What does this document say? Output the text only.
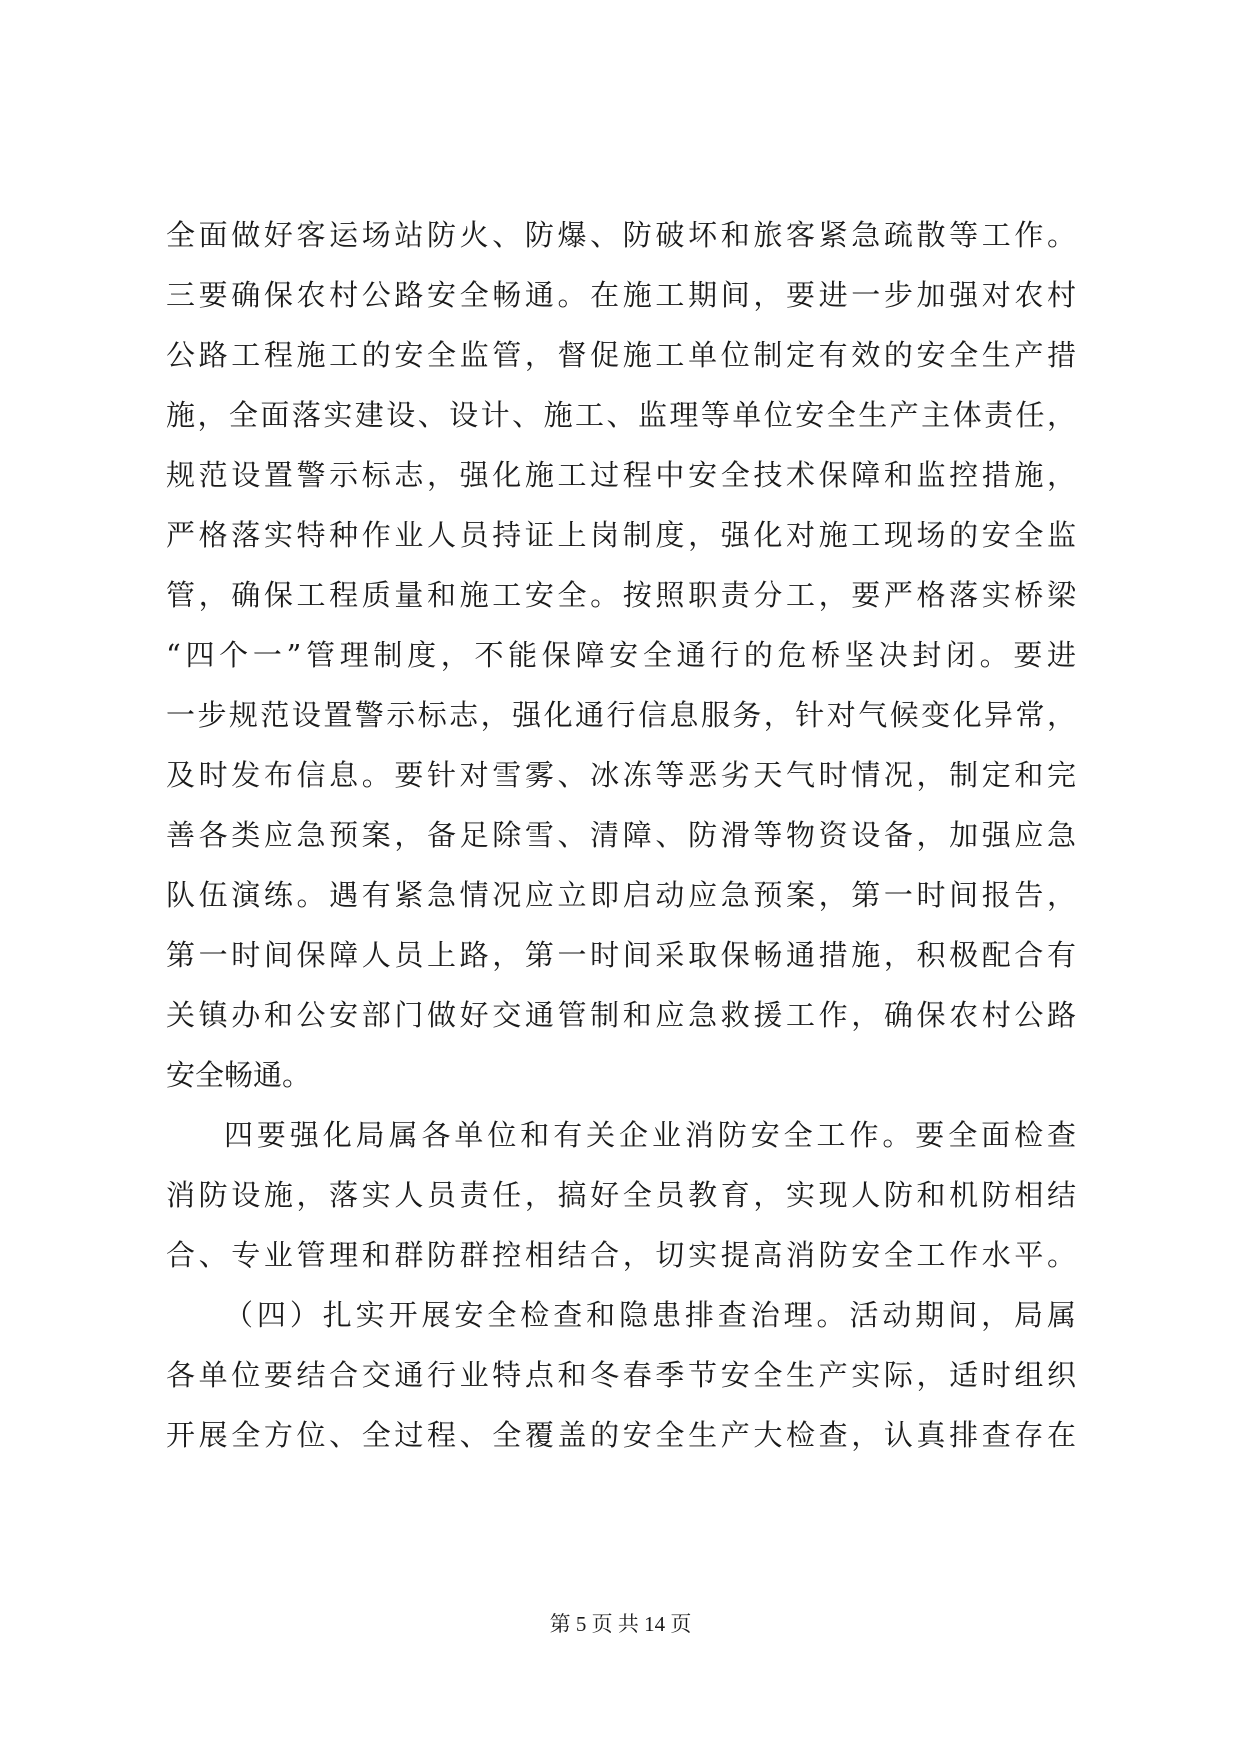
全面做好客运场站防火、防爆、防破坏和旅客紧急疏散等工作。
三要确保农村公路安全畅通。在施工期间，要进一步加强对农村
公路工程施工的安全监管，督促施工单位制定有效的安全生产措
施，全面落实建设、设计、施工、监理等单位安全生产主体责任，
规范设置警示标志，强化施工过程中安全技术保障和监控措施，
严格落实特种作业人员持证上岗制度，强化对施工现场的安全监
管，确保工程质量和施工安全。按照职责分工，要严格落实桥梁
“四个一”管理制度，不能保障安全通行的危桥坚决封闭。要进
一步规范设置警示标志，强化通行信息服务，针对气候变化异常，
及时发布信息。要针对雪雾、冰冻等恶劣天气时情况，制定和完
善各类应急预案，备足除雪、清障、防滑等物资设备，加强应急
队伍演练。遇有紧急情况应立即启动应急预案，第一时间报告，
第一时间保障人员上路，第一时间采取保畅通措施，积极配合有
关镇办和公安部门做好交通管制和应急救援工作，确保农村公路
安全畅通。
四要强化局属各单位和有关企业消防安全工作。要全面检查
消防设施，落实人员责任，搞好全员教育，实现人防和机防相结
合、专业管理和群防群控相结合，切实提高消防安全工作水平。
（四）扎实开展安全检查和隐患排查治理。活动期间，局属
各单位要结合交通行业特点和冬春季节安全生产实际，适时组织
开展全方位、全过程、全覆盖的安全生产大检查，认真排查存在
第 5 页 共 14 页
